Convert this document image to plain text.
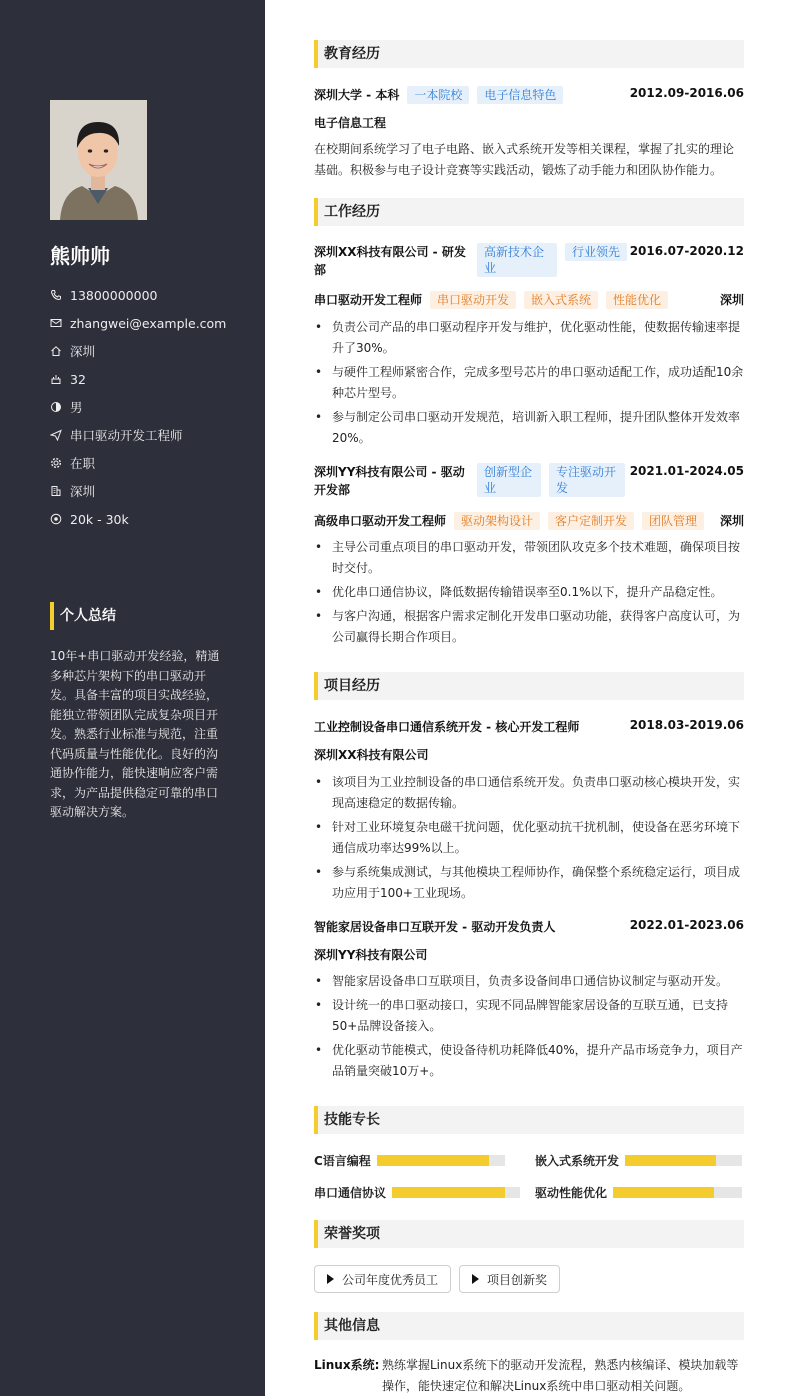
熊帅帅
13800000000
zhangwei@example.com
深圳
32
男
串口驱动开发工程师
在职
深圳
20k - 30k
个人总结
10年+串口驱动开发经验，精通多种芯片架构下的串口驱动开发。具备丰富的项目实战经验，能独立带领团队完成复杂项目开发。熟悉行业标准与规范，注重代码质量与性能优化。良好的沟通协作能力，能快速响应客户需求，为产品提供稳定可靠的串口驱动解决方案。
教育经历
深圳大学 - 本科	一本院校	电子信息特色	2012.09-2016.06
电子信息工程
在校期间系统学习了电子电路、嵌入式系统开发等相关课程，掌握了扎实的理论基础。积极参与电子设计竞赛等实践活动，锻炼了动手能力和团队协作能力。
工作经历
深圳XX科技有限公司 - 研发部
高新技术企业
行业领先 2016.07-2020.12
串口驱动开发工程师	串口驱动开发	嵌入式系统	性能优化	深圳
• 负责公司产品的串口驱动程序开发与维护，优化驱动性能，使数据传输速率提升了30%。
• 与硬件工程师紧密合作，完成多型号芯片的串口驱动适配工作，成功适配10余种芯片型号。
• 参与制定公司串口驱动开发规范，培训新入职工程师，提升团队整体开发效率20%。
深圳YY科技有限公司 - 驱动开发部
创新型企业
专注驱动开发
2021.01-2024.05
高级串口驱动开发工程师	驱动架构设计	客户定制开发	团队管理	深圳
• 主导公司重点项目的串口驱动开发，带领团队攻克多个技术难题，确保项目按时交付。
• 优化串口通信协议，降低数据传输错误率至0.1%以下，提升产品稳定性。
• 与客户沟通，根据客户需求定制化开发串口驱动功能，获得客户高度认可，为公司赢得长期合作项目。
项目经历
工业控制设备串口通信系统开发 - 核心开发工程师	2018.03-2019.06
深圳XX科技有限公司
• 该项目为工业控制设备的串口通信系统开发。负责串口驱动核心模块开发，实现高速稳定的数据传输。
• 针对工业环境复杂电磁干扰问题，优化驱动抗干扰机制，使设备在恶劣环境下通信成功率达99%以上。
• 参与系统集成测试，与其他模块工程师协作，确保整个系统稳定运行，项目成功应用于100+工业现场。
智能家居设备串口互联开发 - 驱动开发负责人	2022.01-2023.06
深圳YY科技有限公司
• 智能家居设备串口互联项目，负责多设备间串口通信协议制定与驱动开发。
• 设计统一的串口驱动接口，实现不同品牌智能家居设备的互联互通，已支持50+品牌设备接入。
• 优化驱动节能模式，使设备待机功耗降低40%，提升产品市场竞争力，项目产品销量突破10万+。
技能专长
C语言编程	嵌入式系统开发
串口通信协议	驱动性能优化
荣誉奖项
公司年度优秀员工	项目创新奖
其他信息
Linux系统: 熟练掌握Linux系统下的驱动开发流程，熟悉内核编译、模块加载等操作，能快速定位和解决Linux系统中串口驱动相关问题。
